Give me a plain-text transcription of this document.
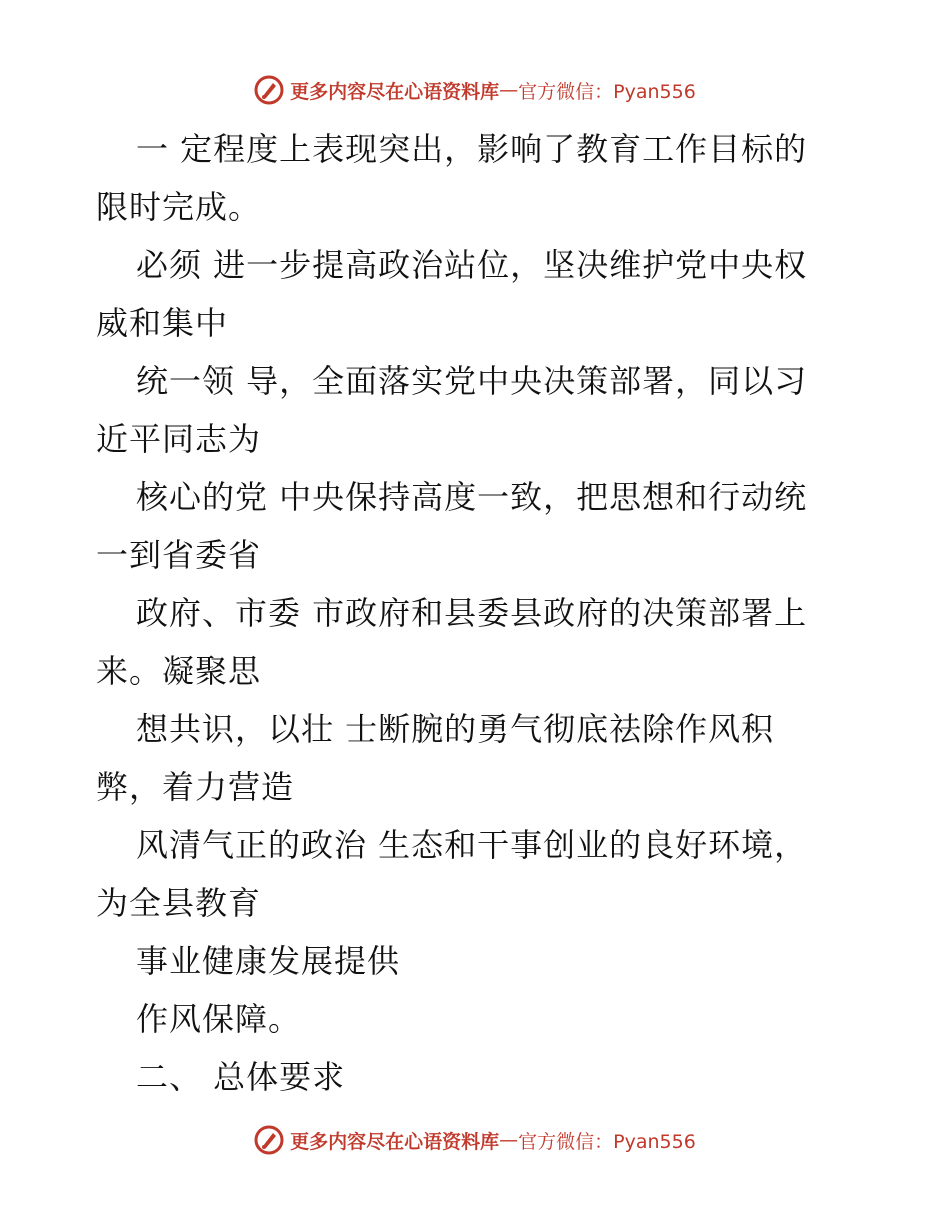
更多内容尽在心语资料库 — 官方微信：Pyan556
一 定程度上表现突出，影响了教育工作目标的
限时完成。
必须 进一步提高政治站位，坚决维护党中央权
威和集中
统一领 导，全面落实党中央决策部署，同以习
近平同志为
核心的党 中央保持高度一致，把思想和行动统
一到省委省
政府、市委 市政府和县委县政府的决策部署上
来。凝聚思
想共识，以壮 士断腕的勇气彻底祛除作风积
弊，着力营造
风清气正的政治 生态和干事创业的良好环境，
为全县教育
事业健康发展提供
作风保障。
二、 总体要求
更多内容尽在心语资料库 — 官方微信：Pyan556
